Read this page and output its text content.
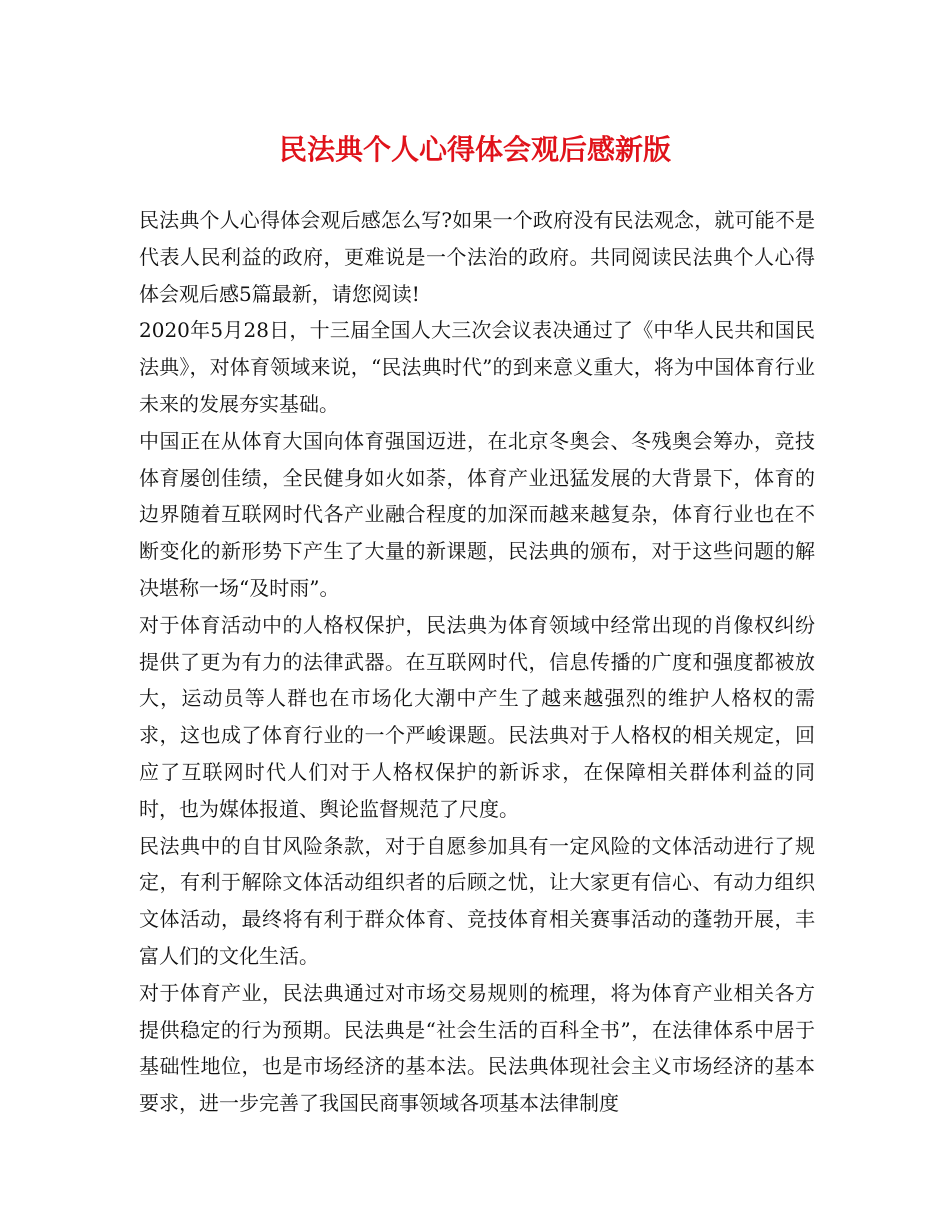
民法典个人心得体会观后感新版

民法典个人心得体会观后感怎么写?如果一个政府没有民法观念，就可能不是代表人民利益的政府，更难说是一个法治的政府。共同阅读民法典个人心得体会观后感5篇最新，请您阅读!

2020年5月28日，十三届全国人大三次会议表决通过了《中华人民共和国民法典》，对体育领域来说，“民法典时代”的到来意义重大，将为中国体育行业未来的发展夯实基础。

中国正在从体育大国向体育强国迈进，在北京冬奥会、冬残奥会筹办，竞技体育屡创佳绩，全民健身如火如荼，体育产业迅猛发展的大背景下，体育的边界随着互联网时代各产业融合程度的加深而越来越复杂，体育行业也在不断变化的新形势下产生了大量的新课题，民法典的颁布，对于这些问题的解决堪称一场“及时雨”。

对于体育活动中的人格权保护，民法典为体育领域中经常出现的肖像权纠纷提供了更为有力的法律武器。在互联网时代，信息传播的广度和强度都被放大，运动员等人群也在市场化大潮中产生了越来越强烈的维护人格权的需求，这也成了体育行业的一个严峻课题。民法典对于人格权的相关规定，回应了互联网时代人们对于人格权保护的新诉求，在保障相关群体利益的同时，也为媒体报道、舆论监督规范了尺度。

民法典中的自甘风险条款，对于自愿参加具有一定风险的文体活动进行了规定，有利于解除文体活动组织者的后顾之忧，让大家更有信心、有动力组织文体活动，最终将有利于群众体育、竞技体育相关赛事活动的蓬勃开展，丰富人们的文化生活。

对于体育产业，民法典通过对市场交易规则的梳理，将为体育产业相关各方提供稳定的行为预期。民法典是“社会生活的百科全书”，在法律体系中居于基础性地位，也是市场经济的基本法。民法典体现社会主义市场经济的基本要求，进一步完善了我国民商事领域各项基本法律制度
